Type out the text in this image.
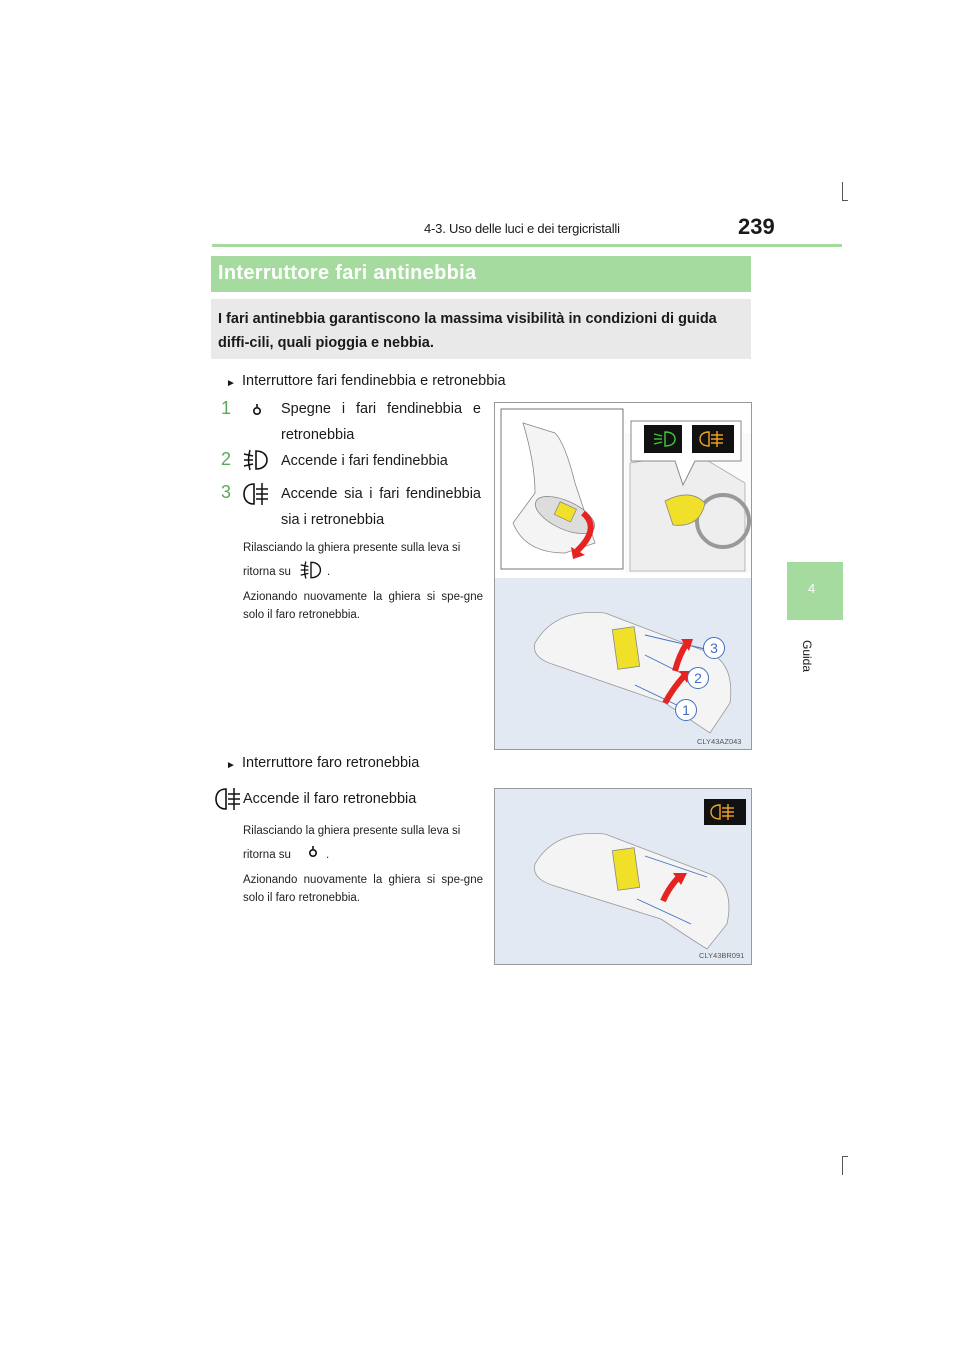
4-3. Uso delle luci e dei tergicristalli	239
4
Guida
Interruttore fari antinebbia
I fari antinebbia garantiscono la massima visibilità in condizioni di guida diffi-cili, quali pioggia e nebbia.
► Interruttore fari fendinebbia e retronebbia
1	Spegne i fari fendinebbia e retronebbia
2	Accende i fari fendinebbia
3	Accende sia i fari fendinebbia sia i retronebbia
Rilasciando la ghiera presente sulla leva si
ritorna su	.
Azionando nuovamente la ghiera si spe-gne solo il faro retronebbia.
3
2
1
CLY43AZ043
► Interruttore faro retronebbia
Accende il faro retronebbia
Rilasciando la ghiera presente sulla leva si
ritorna su	.
Azionando nuovamente la ghiera si spe-gne solo il faro retronebbia.
CLY43BR091
